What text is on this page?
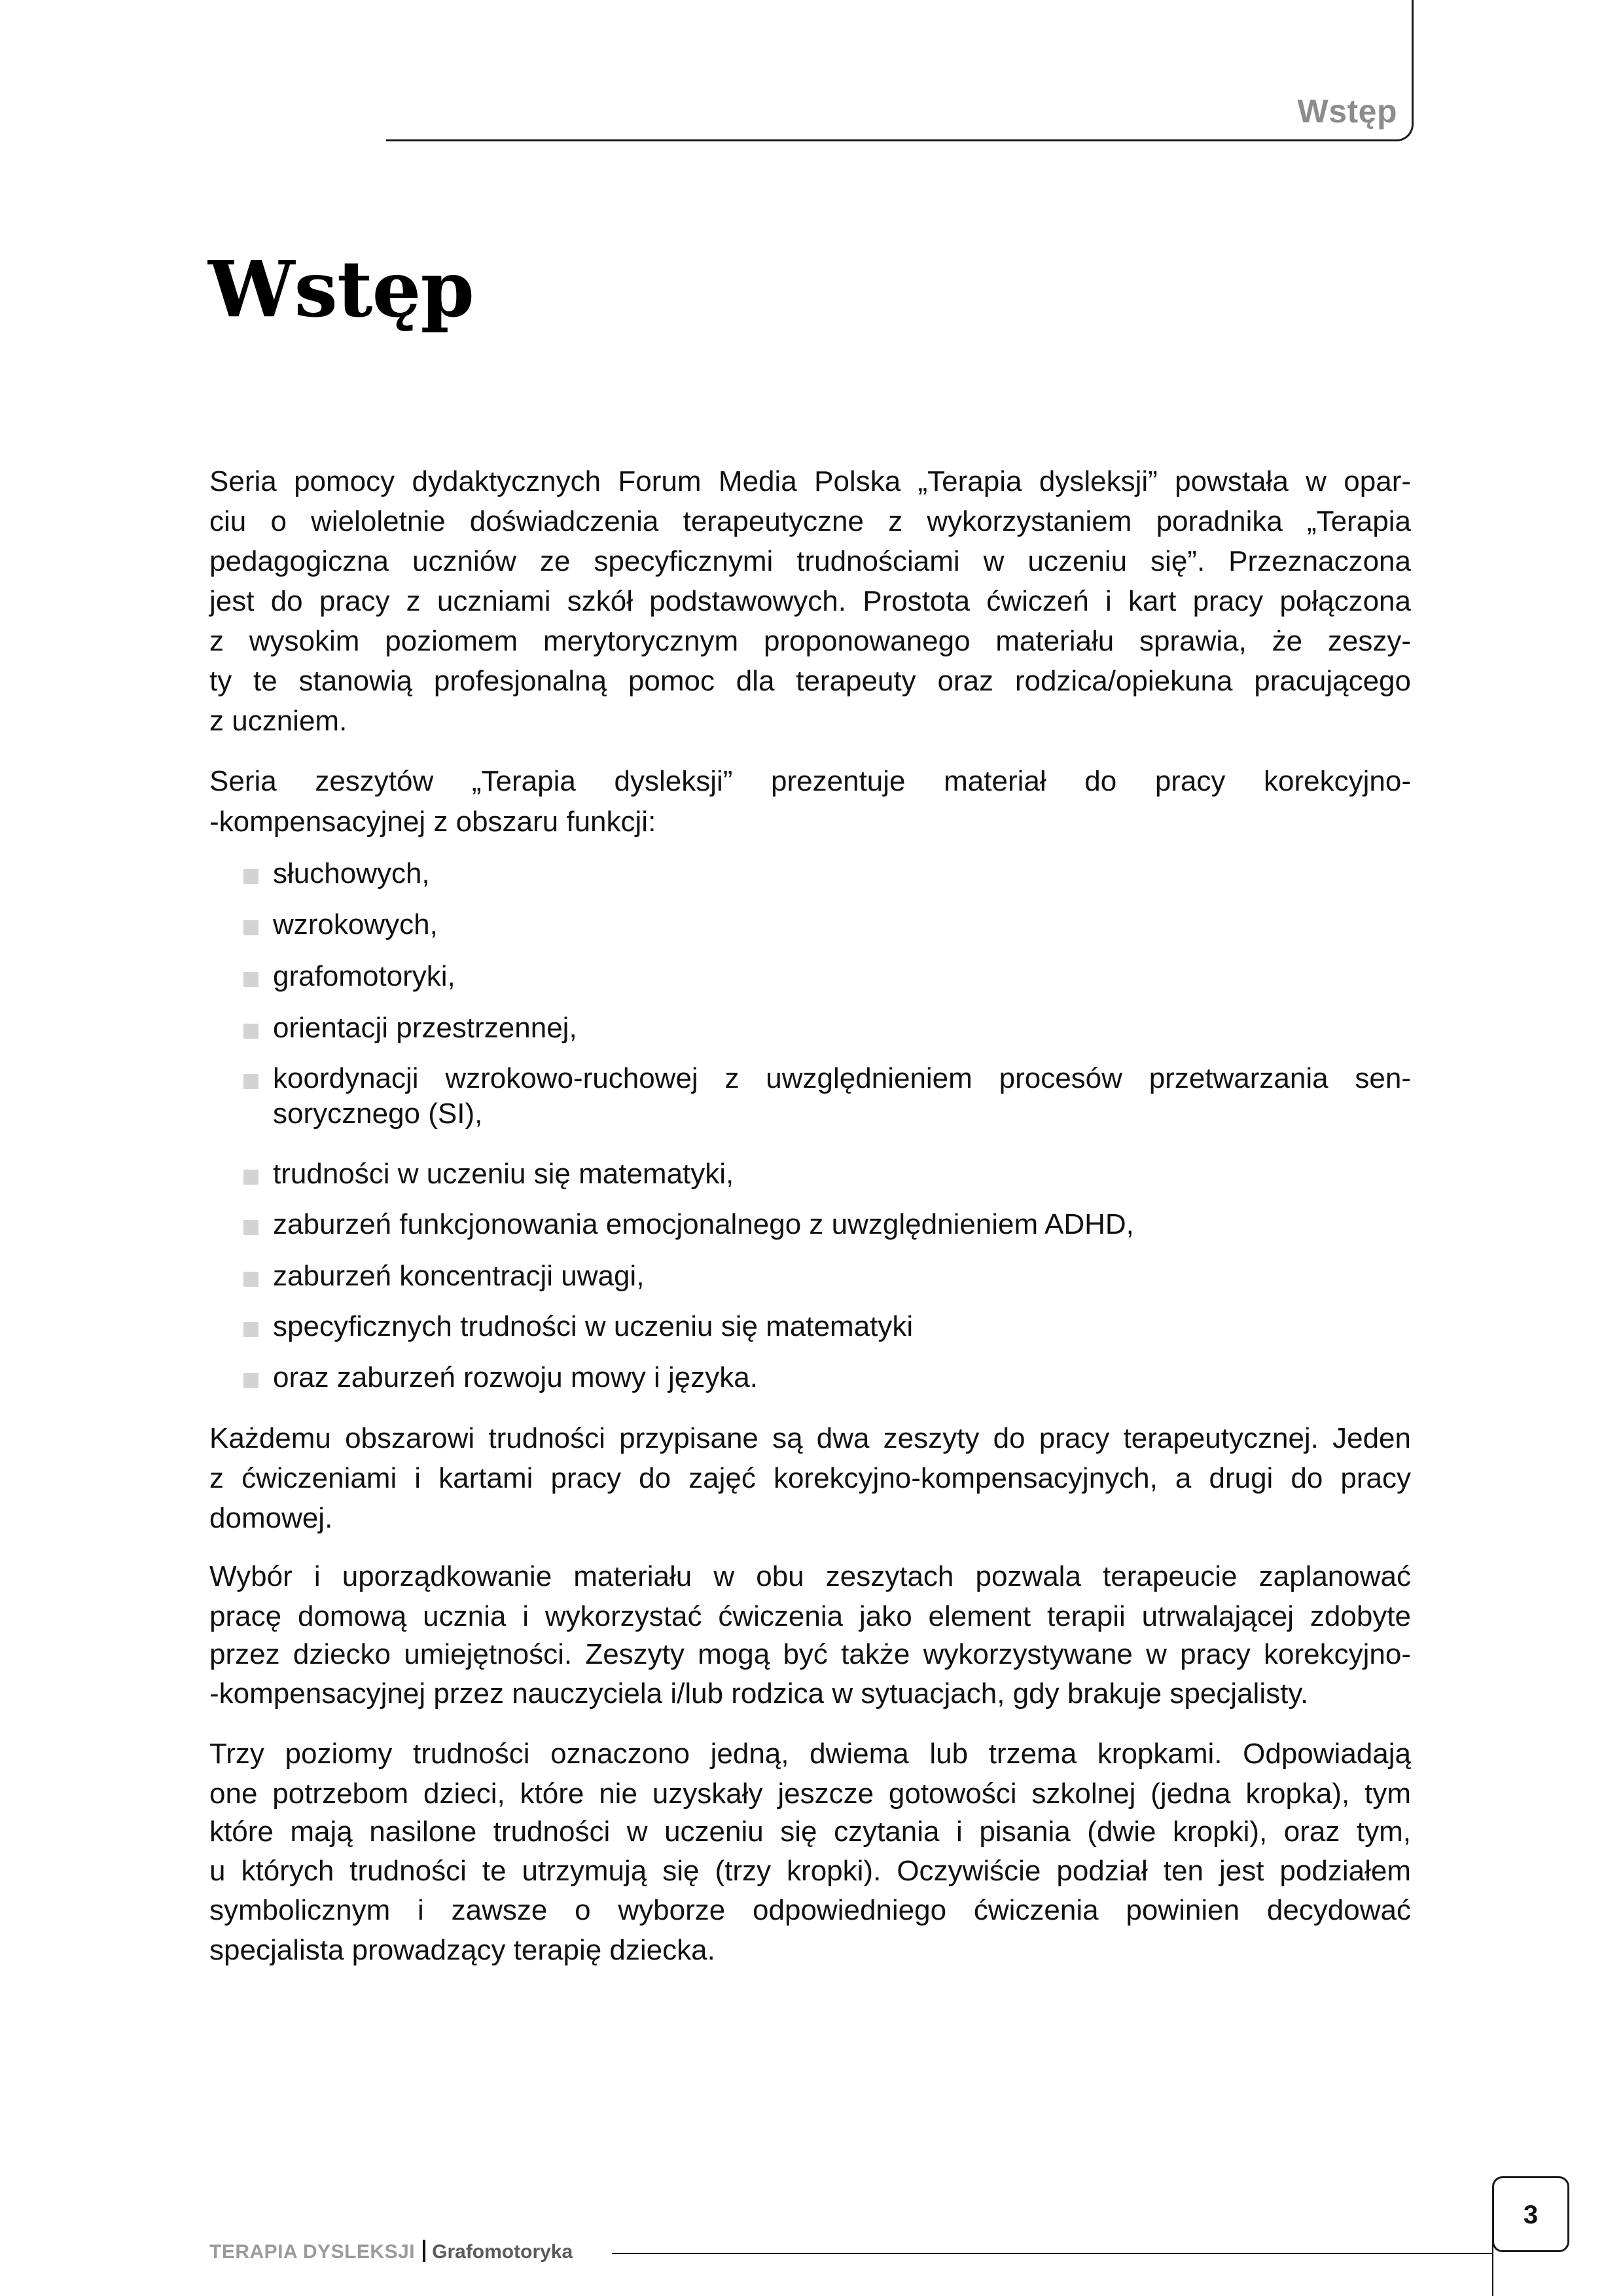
Wstęp
Wstęp
Seria pomocy dydaktycznych Forum Media Polska „Terapia dysleksji” powstała w opar-
ciu o wieloletnie doświadczenia terapeutyczne z wykorzystaniem poradnika „Terapia
pedagogiczna uczniów ze specyficznymi trudnościami w uczeniu się”. Przeznaczona
jest do pracy z uczniami szkół podstawowych. Prostota ćwiczeń i kart pracy połączona
z wysokim poziomem merytorycznym proponowanego materiału sprawia, że zeszy-
ty te stanowią profesjonalną pomoc dla terapeuty oraz rodzica/opiekuna pracującego
z uczniem.
Seria zeszytów „Terapia dysleksji” prezentuje materiał do pracy korekcyjno-
-kompensacyjnej z obszaru funkcji:
słuchowych,
wzrokowych,
grafomotoryki,
orientacji przestrzennej,
koordynacji wzrokowo-ruchowej z uwzględnieniem procesów przetwarzania sen-
sorycznego (SI),
trudności w uczeniu się matematyki,
zaburzeń funkcjonowania emocjonalnego z uwzględnieniem ADHD,
zaburzeń koncentracji uwagi,
specyficznych trudności w uczeniu się matematyki
oraz zaburzeń rozwoju mowy i języka.
Każdemu obszarowi trudności przypisane są dwa zeszyty do pracy terapeutycznej. Jeden
z ćwiczeniami i kartami pracy do zajęć korekcyjno-kompensacyjnych, a drugi do pracy
domowej.
Wybór i uporządkowanie materiału w obu zeszytach pozwala terapeucie zaplanować
pracę domową ucznia i wykorzystać ćwiczenia jako element terapii utrwalającej zdobyte
przez dziecko umiejętności. Zeszyty mogą być także wykorzystywane w pracy korekcyjno-
-kompensacyjnej przez nauczyciela i/lub rodzica w sytuacjach, gdy brakuje specjalisty.
Trzy poziomy trudności oznaczono jedną, dwiema lub trzema kropkami. Odpowiadają
one potrzebom dzieci, które nie uzyskały jeszcze gotowości szkolnej (jedna kropka), tym
które mają nasilone trudności w uczeniu się czytania i pisania (dwie kropki), oraz tym,
u których trudności te utrzymują się (trzy kropki). Oczywiście podział ten jest podziałem
symbolicznym i zawsze o wyborze odpowiedniego ćwiczenia powinien decydować
specjalista prowadzący terapię dziecka.
TERAPIA DYSLEKSJI Grafomotoryka
3
